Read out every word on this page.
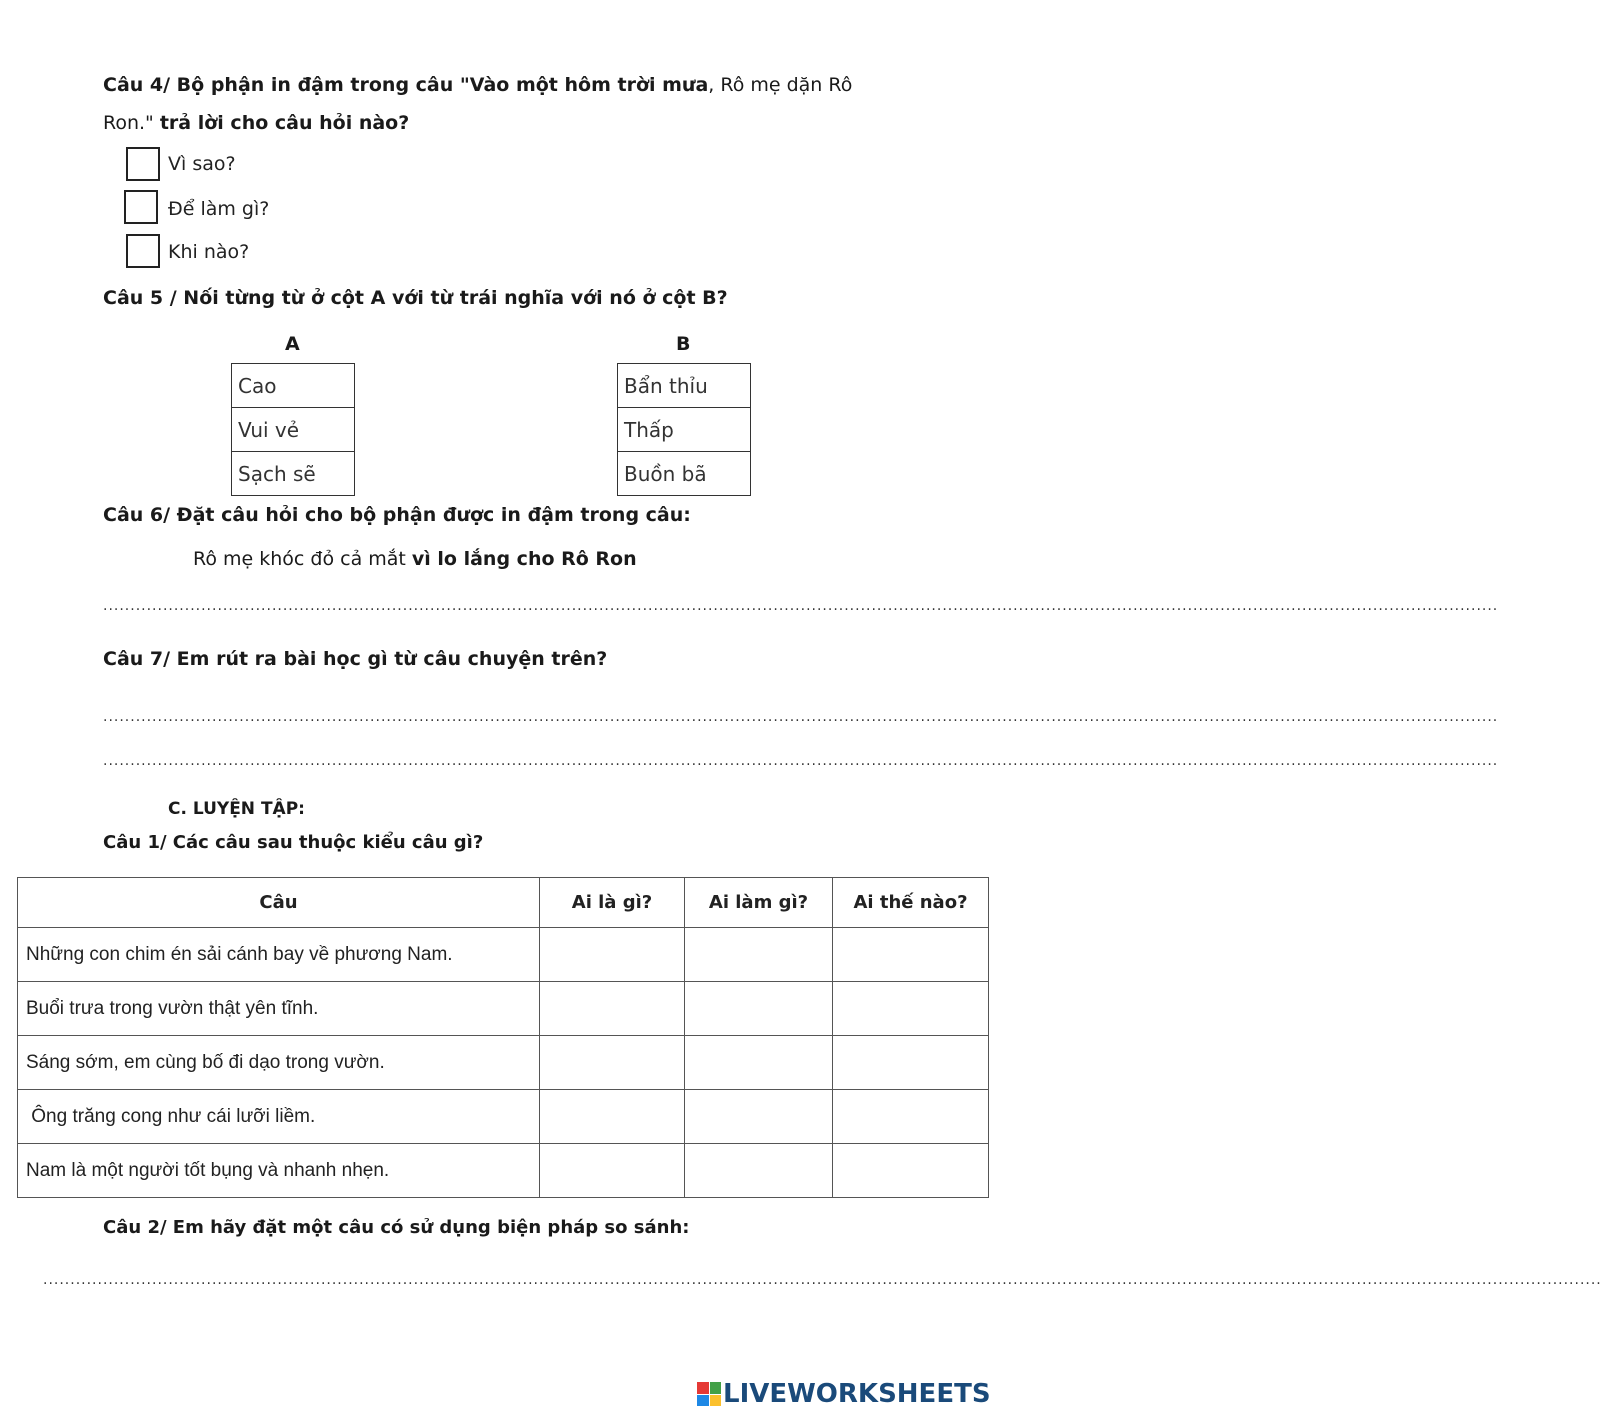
Câu 4/ Bộ phận in đậm trong câu "Vào một hôm trời mưa, Rô mẹ dặn Rô
Ron." trả lời cho câu hỏi nào?
Vì sao?
Để làm gì?
Khi nào?
Câu 5 / Nối từng từ ở cột A với từ trái nghĩa với nó ở cột B?
A	B
Cao
Vui vẻ
Sạch sẽ
Bẩn thỉu
Thấp
Buồn bã
Câu 6/ Đặt câu hỏi cho bộ phận được in đậm trong câu:
Rô mẹ khóc đỏ cả mắt vì lo lắng cho Rô Ron
................................................................................................................................................................................................................................................................
Câu 7/ Em rút ra bài học gì từ câu chuyện trên?
................................................................................................................................................................................................................................................................
................................................................................................................................................................................................................................................................
C. LUYỆN TẬP:
Câu 1/ Các câu sau thuộc kiểu câu gì?
Câu	Ai là gì?	Ai làm gì?	Ai thế nào?
Những con chim én sải cánh bay về phương Nam.			
Buổi trưa trong vườn thật yên tĩnh.			
Sáng sớm, em cùng bố đi dạo trong vườn.			
Ông trăng cong như cái lưỡi liềm.			
Nam là một người tốt bụng và nhanh nhẹn.			
Câu 2/ Em hãy đặt một câu có sử dụng biện pháp so sánh:
..............................................................................................................................................................................................................................................................................................
LIVEWORKSHEETS
